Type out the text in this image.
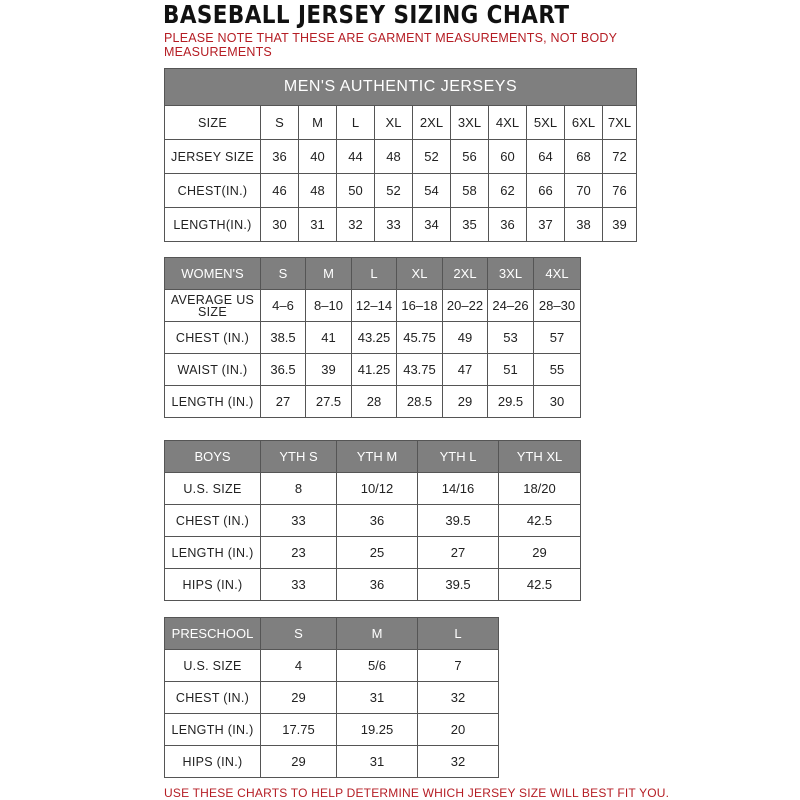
BASEBALL JERSEY SIZING CHART
PLEASE NOTE THAT THESE ARE GARMENT MEASUREMENTS, NOT BODY MEASUREMENTS
MEN'S AUTHENTIC JERSEYS										
SIZE	S	M	L	XL	2XL	3XL	4XL	5XL	6XL	7XL
JERSEY SIZE	36	40	44	48	52	56	60	64	68	72
CHEST(IN.)	46	48	50	52	54	58	62	66	70	76
LENGTH(IN.)	30	31	32	33	34	35	36	37	38	39
WOMEN'S	S	M	L	XL	2XL	3XL	4XL
AVERAGE US SIZE	4–6	8–10	12–14	16–18	20–22	24–26	28–30
CHEST (IN.)	38.5	41	43.25	45.75	49	53	57
WAIST (IN.)	36.5	39	41.25	43.75	47	51	55
LENGTH (IN.)	27	27.5	28	28.5	29	29.5	30
BOYS	YTH S	YTH M	YTH L	YTH XL
U.S. SIZE	8	10/12	14/16	18/20
CHEST (IN.)	33	36	39.5	42.5
LENGTH (IN.)	23	25	27	29
HIPS (IN.)	33	36	39.5	42.5
PRESCHOOL	S	M	L
U.S. SIZE	4	5/6	7
CHEST (IN.)	29	31	32
LENGTH (IN.)	17.75	19.25	20
HIPS (IN.)	29	31	32
USE THESE CHARTS TO HELP DETERMINE WHICH JERSEY SIZE WILL BEST FIT YOU.
